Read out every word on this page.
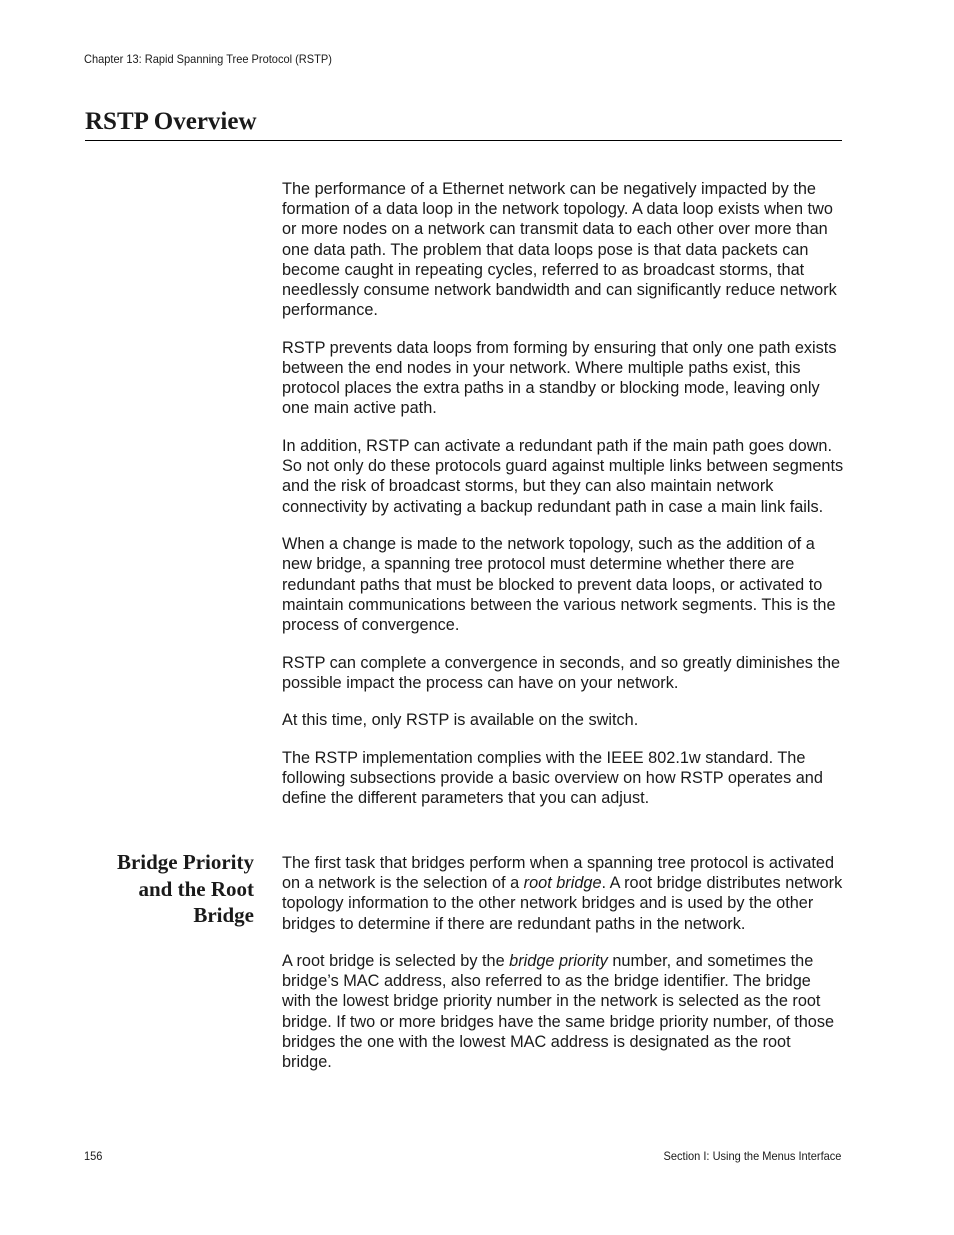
Chapter 13: Rapid Spanning Tree Protocol (RSTP)
RSTP Overview

The performance of a Ethernet network can be negatively impacted by the formation of a data loop in the network topology. A data loop exists when two or more nodes on a network can transmit data to each other over more than one data path. The problem that data loops pose is that data packets can become caught in repeating cycles, referred to as broadcast storms, that needlessly consume network bandwidth and can significantly reduce network performance.

RSTP prevents data loops from forming by ensuring that only one path exists between the end nodes in your network. Where multiple paths exist, this protocol places the extra paths in a standby or blocking mode, leaving only one main active path.

In addition, RSTP can activate a redundant path if the main path goes down. So not only do these protocols guard against multiple links between segments and the risk of broadcast storms, but they can also maintain network connectivity by activating a backup redundant path in case a main link fails.

When a change is made to the network topology, such as the addition of a new bridge, a spanning tree protocol must determine whether there are redundant paths that must be blocked to prevent data loops, or activated to maintain communications between the various network segments. This is the process of convergence.

RSTP can complete a convergence in seconds, and so greatly diminishes the possible impact the process can have on your network.

At this time, only RSTP is available on the switch.

The RSTP implementation complies with the IEEE 802.1w standard. The following subsections provide a basic overview on how RSTP operates and define the different parameters that you can adjust.

Bridge Priority
and the Root
Bridge

The first task that bridges perform when a spanning tree protocol is activated on a network is the selection of a root bridge. A root bridge distributes network topology information to the other network bridges and is used by the other bridges to determine if there are redundant paths in the network.

A root bridge is selected by the bridge priority number, and sometimes the bridge’s MAC address, also referred to as the bridge identifier. The bridge with the lowest bridge priority number in the network is selected as the root bridge. If two or more bridges have the same bridge priority number, of those bridges the one with the lowest MAC address is designated as the root bridge.

156	Section I: Using the Menus Interface
